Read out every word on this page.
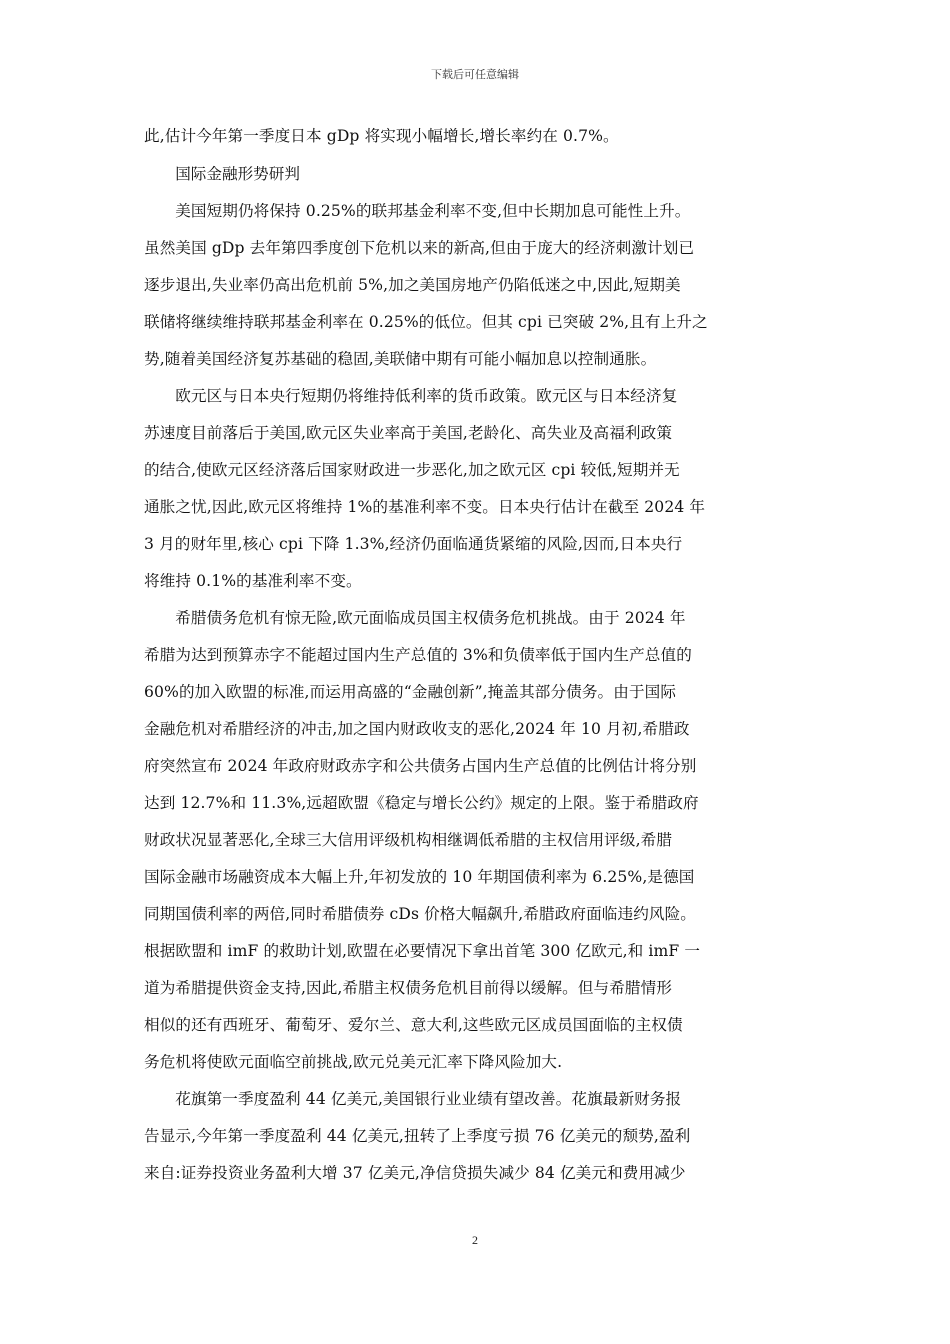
下载后可任意编辑
此,估计今年第一季度日本 gDp 将实现小幅增长,增长率约在 0.7%。
国际金融形势研判
美国短期仍将保持 0.25%的联邦基金利率不变,但中长期加息可能性上升。
虽然美国 gDp 去年第四季度创下危机以来的新高,但由于庞大的经济刺激计划已
逐步退出,失业率仍高出危机前 5%,加之美国房地产仍陷低迷之中,因此,短期美
联储将继续维持联邦基金利率在 0.25%的低位。但其 cpi 已突破 2%,且有上升之
势,随着美国经济复苏基础的稳固,美联储中期有可能小幅加息以控制通胀。
欧元区与日本央行短期仍将维持低利率的货币政策。欧元区与日本经济复
苏速度目前落后于美国,欧元区失业率高于美国,老龄化、高失业及高福利政策
的结合,使欧元区经济落后国家财政进一步恶化,加之欧元区 cpi 较低,短期并无
通胀之忧,因此,欧元区将维持 1%的基准利率不变。日本央行估计在截至 2024 年
3 月的财年里,核心 cpi 下降 1.3%,经济仍面临通货紧缩的风险,因而,日本央行
将维持 0.1%的基准利率不变。
希腊债务危机有惊无险,欧元面临成员国主权债务危机挑战。由于 2024 年
希腊为达到预算赤字不能超过国内生产总值的 3%和负债率低于国内生产总值的
60%的加入欧盟的标准,而运用高盛的“金融创新”,掩盖其部分债务。由于国际
金融危机对希腊经济的冲击,加之国内财政收支的恶化,2024 年 10 月初,希腊政
府突然宣布 2024 年政府财政赤字和公共债务占国内生产总值的比例估计将分别
达到 12.7%和 11.3%,远超欧盟《稳定与增长公约》规定的上限。鉴于希腊政府
财政状况显著恶化,全球三大信用评级机构相继调低希腊的主权信用评级,希腊
国际金融市场融资成本大幅上升,年初发放的 10 年期国债利率为 6.25%,是德国
同期国债利率的两倍,同时希腊债券 cDs 价格大幅飙升,希腊政府面临违约风险。
根据欧盟和 imF 的救助计划,欧盟在必要情况下拿出首笔 300 亿欧元,和 imF 一
道为希腊提供资金支持,因此,希腊主权债务危机目前得以缓解。但与希腊情形
相似的还有西班牙、葡萄牙、爱尔兰、意大利,这些欧元区成员国面临的主权债
务危机将使欧元面临空前挑战,欧元兑美元汇率下降风险加大.
花旗第一季度盈利 44 亿美元,美国银行业业绩有望改善。花旗最新财务报
告显示,今年第一季度盈利 44 亿美元,扭转了上季度亏损 76 亿美元的颓势,盈利
来自:证券投资业务盈利大增 37 亿美元,净信贷损失减少 84 亿美元和费用减少
2
